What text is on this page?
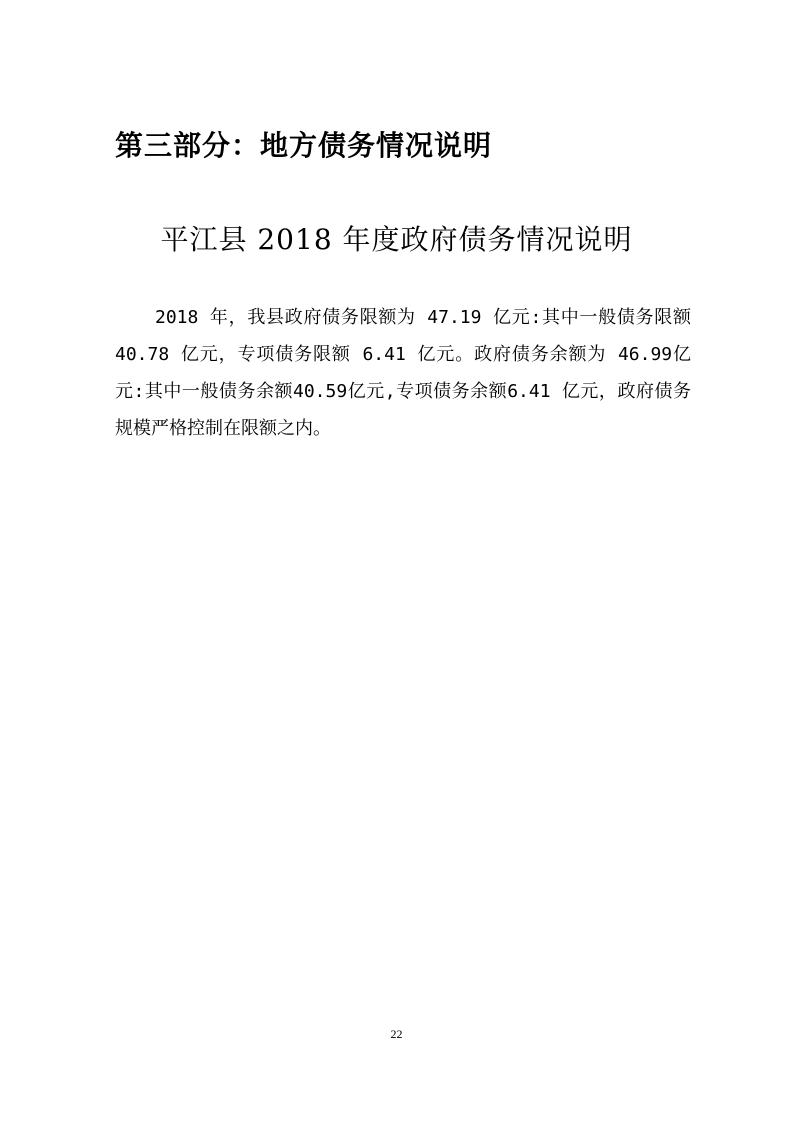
第三部分：地方债务情况说明
平江县 2018 年度政府债务情况说明

2018 年，我县政府债务限额为 47.19 亿元:其中一般债务限额 40.78 亿元，专项债务限额 6.41 亿元。政府债务余额为 46.99亿元:其中一般债务余额40.59亿元,专项债务余额6.41 亿元，政府债务规模严格控制在限额之内。

22
